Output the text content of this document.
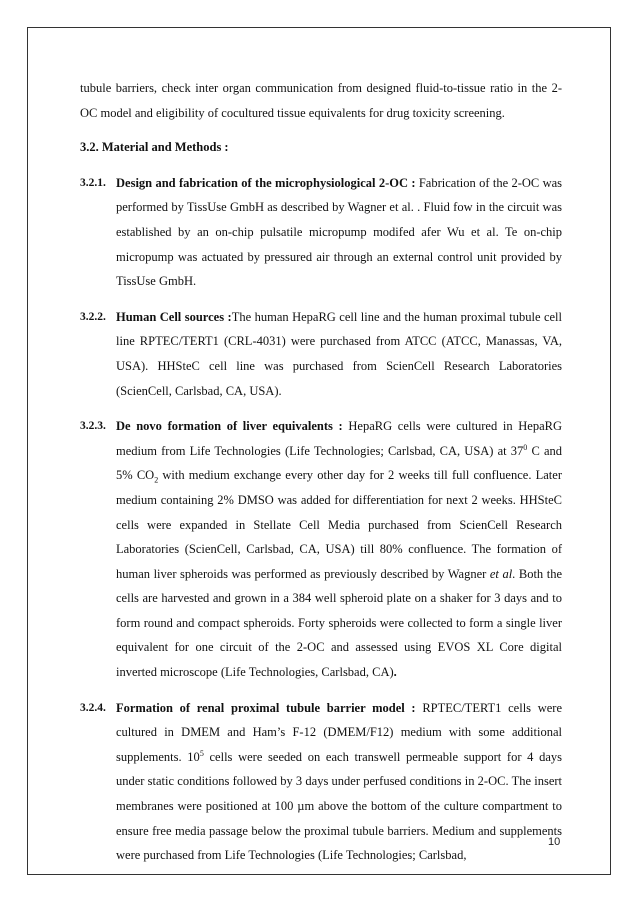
tubule barriers, check inter organ communication from designed fluid-to-tissue ratio in the 2-OC model and eligibility of cocultured tissue equivalents for drug toxicity screening.

3.2. Material and Methods :

3.2.1. Design and fabrication of the microphysiological 2-OC : Fabrication of the 2-OC was performed by TissUse GmbH as described by Wagner et al. . Fluid fow in the circuit was established by an on-chip pulsatile micropump modifed afer Wu et al. Te on-chip micropump was actuated by pressured air through an external control unit provided by TissUse GmbH.

3.2.2. Human Cell sources :The human HepaRG cell line and the human proximal tubule cell line RPTEC/TERT1 (CRL-4031) were purchased from ATCC (ATCC, Manassas, VA, USA). HHSteC cell line was purchased from ScienCell Research Laboratories (ScienCell, Carlsbad, CA, USA).

3.2.3. De novo formation of liver equivalents : HepaRG cells were cultured in HepaRG medium from Life Technologies (Life Technologies; Carlsbad, CA, USA) at $37^0$ C and 5% $CO_2$ with medium exchange every other day for 2 weeks till full confluence. Later medium containing 2% DMSO was added for differentiation for next 2 weeks. HHSteC cells were expanded in Stellate Cell Media purchased from ScienCell Research Laboratories (ScienCell, Carlsbad, CA, USA) till 80% confluence. The formation of human liver spheroids was performed as previously described by Wagner et al. Both the cells are harvested and grown in a 384 well spheroid plate on a shaker for 3 days and to form round and compact spheroids. Forty spheroids were collected to form a single liver equivalent for one circuit of the 2-OC and assessed using EVOS XL Core digital inverted microscope (Life Technologies, Carlsbad, CA).

3.2.4. Formation of renal proximal tubule barrier model : RPTEC/TERT1 cells were cultured in DMEM and Ham’s F-12 (DMEM/F12) medium with some additional supplements. $10^5$ cells were seeded on each transwell permeable support for 4 days under static conditions followed by 3 days under perfused conditions in 2-OC. The insert membranes were positioned at 100 µm above the bottom of the culture compartment to ensure free media passage below the proximal tubule barriers. Medium and supplements were purchased from Life Technologies (Life Technologies; Carlsbad,

10
